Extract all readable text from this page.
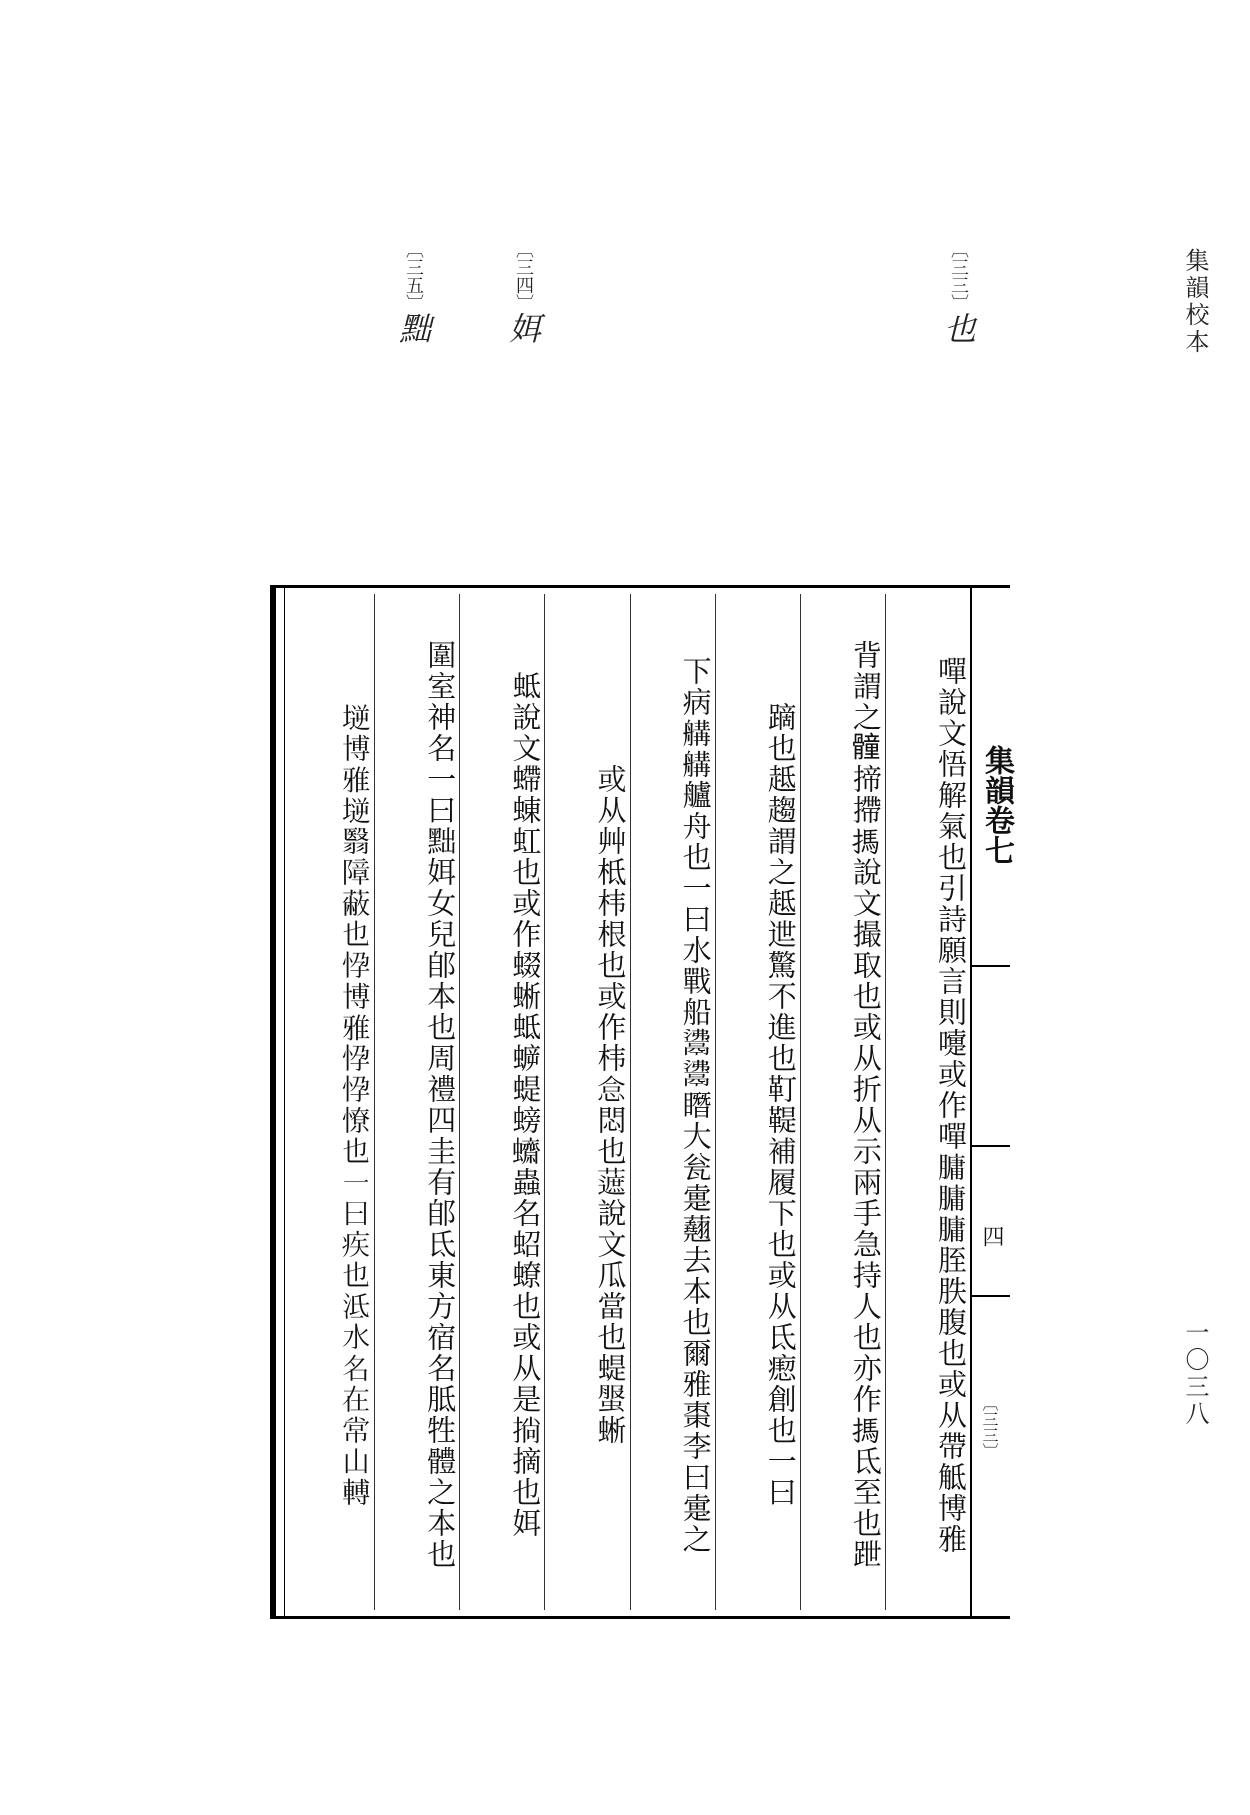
集韻校本
一〇三八
〔三三〕也
〔三四〕㛅
〔三五〕黜
嘽說文悟解氣也引詩願言則嚏或作嘽𦟛𦟛𦟛胵胅腹也或从帶觝博雅
背謂之𩪘揥摕𢲫說文撮取也或从折从示兩手急持人也亦作𢲫氐至也跇
蹢也趆趨謂之趆迣驚不進也靪鞮補履下也或从氐瘛創也一曰
下病𦩷𦩷艫舟也一曰水戰船𩰾𩰾䁮大瓮疐𧄍去本也爾雅棗李曰疐之
或从艸柢㭏根也或作㭏𢙅悶也𧀹說文瓜當也蝭𧌘蜥
蚳說文螮蝀虹也或作蝃蜥蚳蝷蝭螃𧕚蟲名蛁蟟也或从是𢮐摘也㛅
圍室神名一曰黜㛅女兒郋本也周禮四圭有郋氐東方宿名胝牲體之本也
𡏤博雅𡏤翳障蔽也𢘩博雅𢘩𢘩憭也一曰疾也泜水名在常山𨍭	集韻卷七
四
〔三三〕
